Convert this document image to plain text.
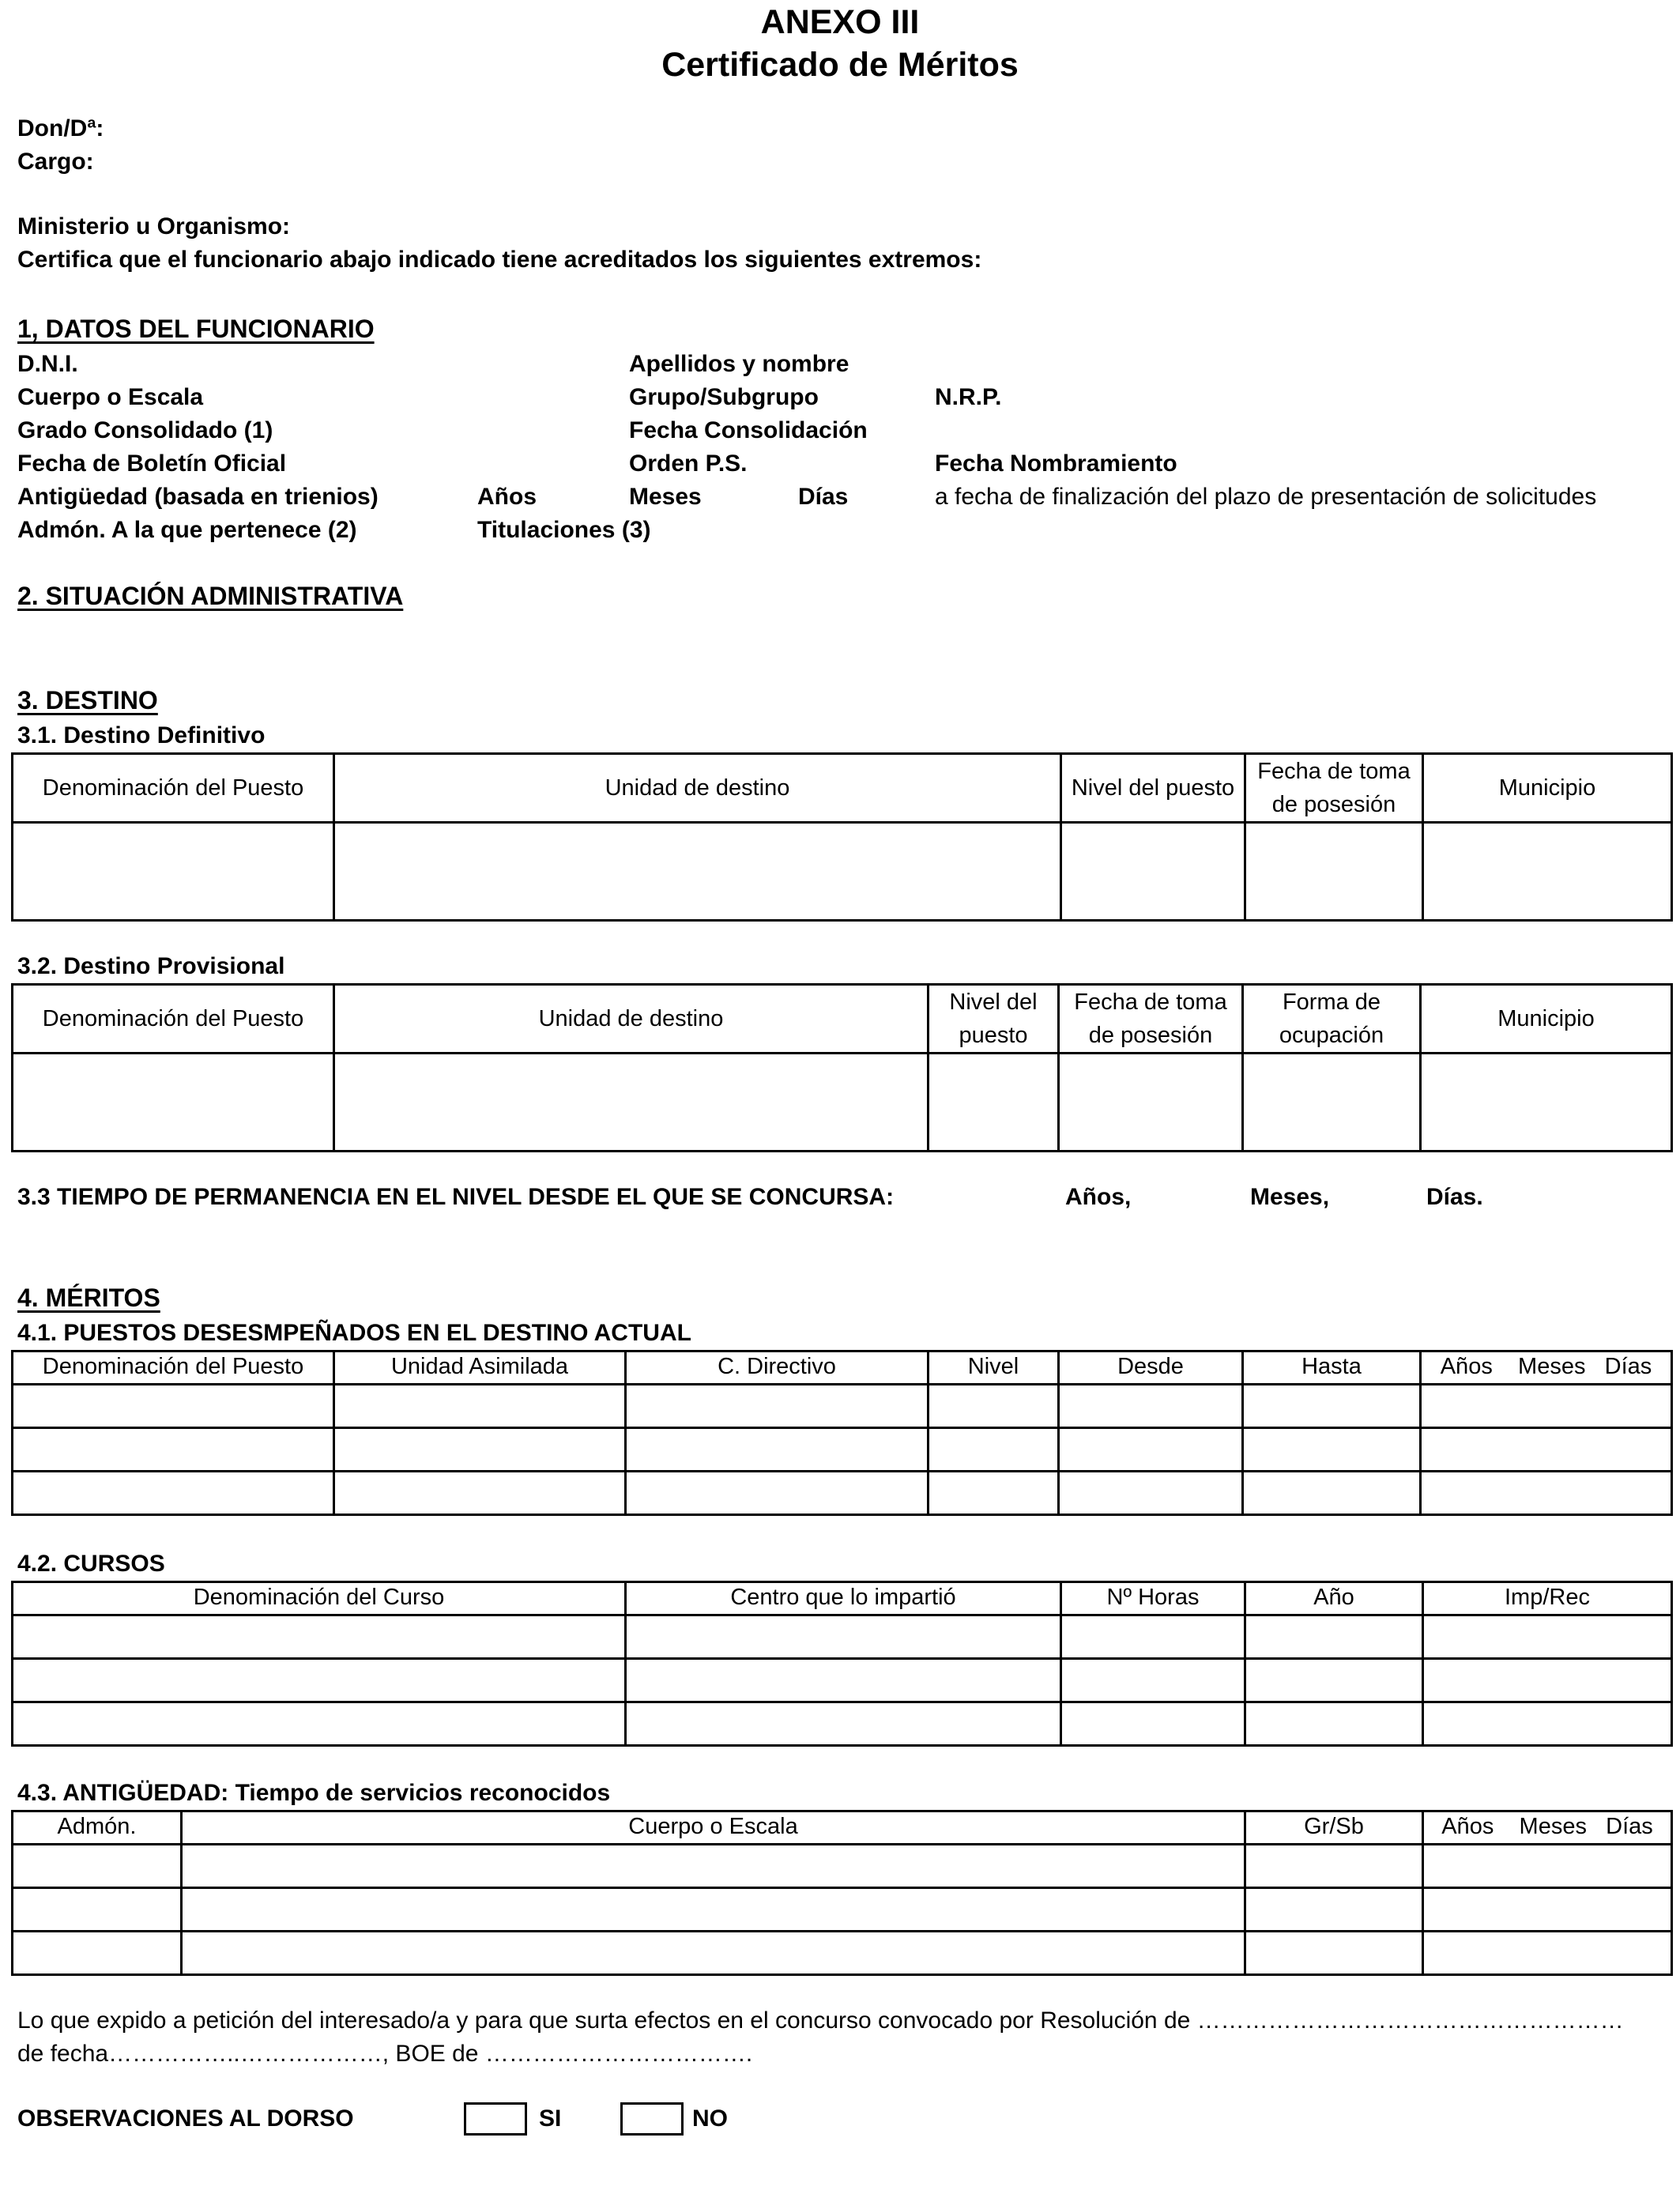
ANEXO III
Certificado de Méritos
Don/Dª:
Cargo:
Ministerio u Organismo:
Certifica que el funcionario abajo indicado tiene acreditados los siguientes extremos:
1, DATOS DEL FUNCIONARIO
D.N.I.	Apellidos y nombre
Cuerpo o Escala	Grupo/Subgrupo	N.R.P.
Grado Consolidado (1)	Fecha Consolidación
Fecha de Boletín Oficial	Orden P.S.	Fecha Nombramiento
Antigüedad (basada en trienios)	Años	Meses	Días	a fecha de finalización del plazo de presentación de solicitudes
Admón. A la que pertenece (2)	Titulaciones (3)
2. SITUACIÓN ADMINISTRATIVA
3. DESTINO
3.1. Destino Definitivo
Denominación del Puesto	Unidad de destino	Nivel del puesto	Fecha de toma de posesión	Municipio

3.2. Destino Provisional
Denominación del Puesto	Unidad de destino	Nivel del puesto	Fecha de toma de posesión	Forma de ocupación	Municipio

3.3 TIEMPO DE PERMANENCIA EN EL NIVEL DESDE EL QUE SE CONCURSA:	Años,	Meses,	Días.
4. MÉRITOS
4.1. PUESTOS DESESMPEÑADOS EN EL DESTINO ACTUAL
Denominación del Puesto	Unidad Asimilada	C. Directivo	Nivel	Desde	Hasta	Años    Meses   Días

4.2. CURSOS
Denominación del Curso	Centro que lo impartió	Nº Horas	Año	Imp/Rec

4.3. ANTIGÜEDAD: Tiempo de servicios reconocidos
Admón.	Cuerpo o Escala	Gr/Sb	Años    Meses   Días

Lo que expido a petición del interesado/a y para que surta efectos en el concurso convocado por Resolución de ………………………………………………
de fecha……………..………………, BOE de …………………………….
OBSERVACIONES AL DORSO	SI	NO
